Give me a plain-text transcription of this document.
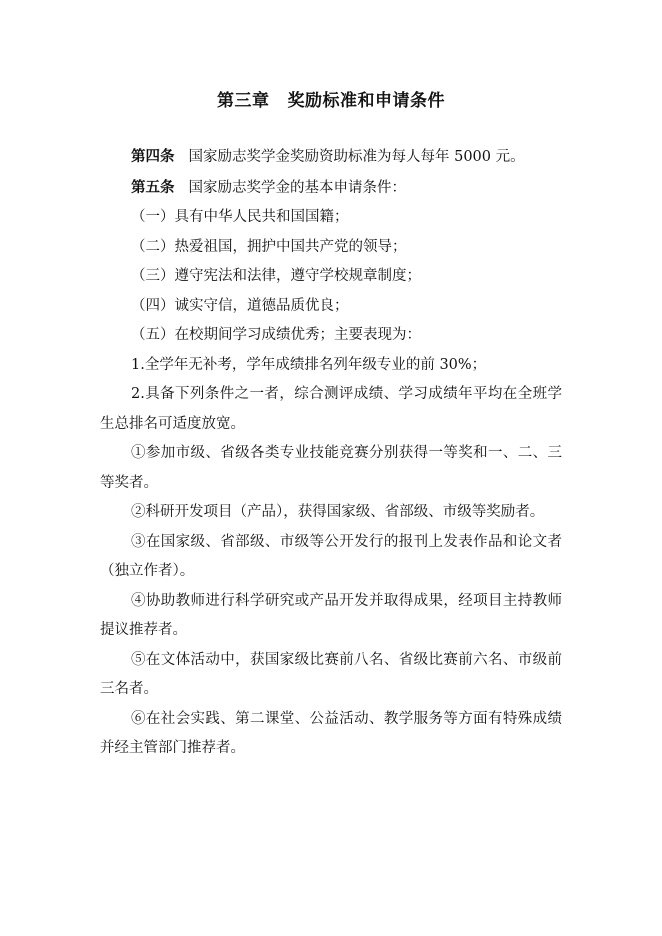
第三章 奖励标准和申请条件

第四条 国家励志奖学金奖励资助标准为每人每年 5000 元。

第五条 国家励志奖学金的基本申请条件：

（一）具有中华人民共和国国籍；

（二）热爱祖国，拥护中国共产党的领导；

（三）遵守宪法和法律，遵守学校规章制度；

（四）诚实守信，道德品质优良；

（五）在校期间学习成绩优秀；主要表现为：

1.全学年无补考，学年成绩排名列年级专业的前 30%；

2.具备下列条件之一者，综合测评成绩、学习成绩年平均在全班学生总排名可适度放宽。

①参加市级、省级各类专业技能竞赛分别获得一等奖和一、二、三等奖者。

②科研开发项目（产品），获得国家级、省部级、市级等奖励者。

③在国家级、省部级、市级等公开发行的报刊上发表作品和论文者（独立作者）。

④协助教师进行科学研究或产品开发并取得成果，经项目主持教师提议推荐者。

⑤在文体活动中，获国家级比赛前八名、省级比赛前六名、市级前三名者。

⑥在社会实践、第二课堂、公益活动、教学服务等方面有特殊成绩并经主管部门推荐者。
